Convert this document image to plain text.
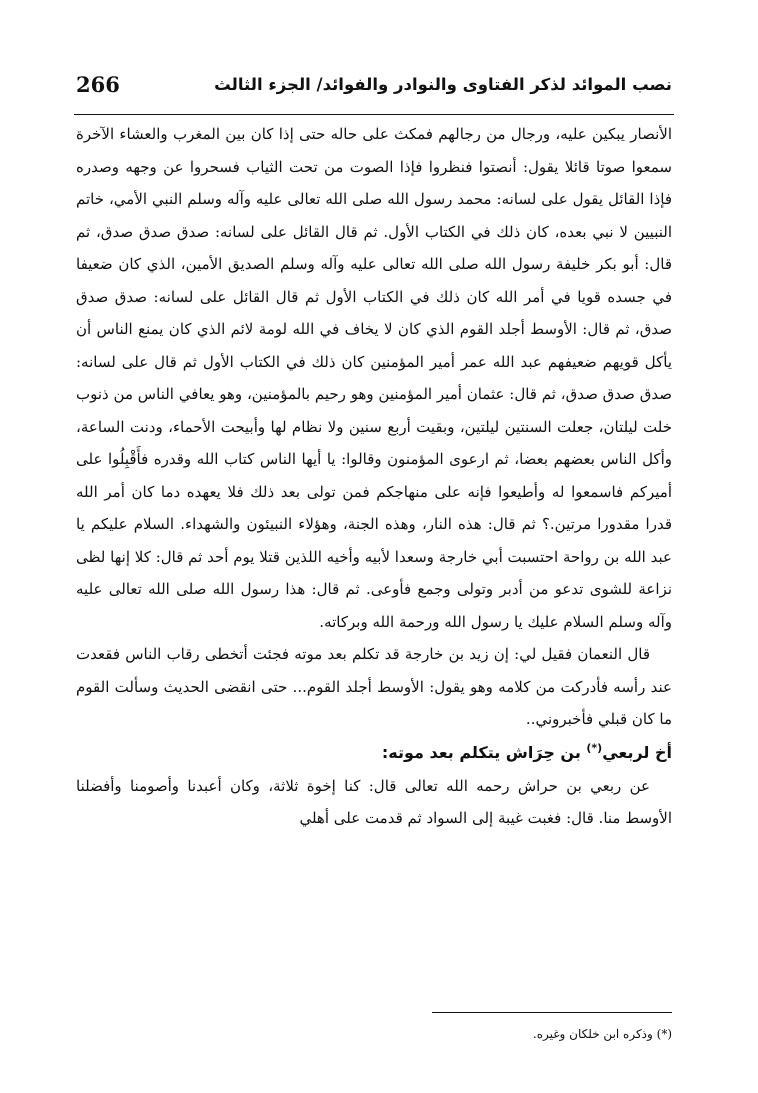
266	نصب الموائد لذكر الفتاوى والنوادر والفوائد/ الجزء الثالث

الأنصار يبكين عليه، ورجال من رجالهم فمكث على حاله حتى إذا كان بين المغرب والعشاء الآخرة سمعوا صوتا قائلا يقول: أنصتوا فنظروا فإذا الصوت من تحت الثياب فسحروا عن وجهه وصدره فإذا القائل يقول على لسانه: محمد رسول الله صلى الله تعالى عليه وآله وسلم النبي الأمي، خاتم النبيين لا نبي بعده، كان ذلك في الكتاب الأول. ثم قال القائل على لسانه: صدق صدق صدق، ثم قال: أبو بكر خليفة رسول الله صلى الله تعالى عليه وآله وسلم الصديق الأمين، الذي كان ضعيفا في جسده قويا في أمر الله كان ذلك في الكتاب الأول ثم قال القائل على لسانه: صدق صدق صدق، ثم قال: الأوسط أجلد القوم الذي كان لا يخاف في الله لومة لائم الذي كان يمنع الناس أن يأكل قويهم ضعيفهم عبد الله عمر أمير المؤمنين كان ذلك في الكتاب الأول ثم قال على لسانه: صدق صدق صدق، ثم قال: عثمان أمير المؤمنين وهو رحيم بالمؤمنين، وهو يعافي الناس من ذنوب خلت ليلتان، جعلت السنتين ليلتين، وبقيت أربع سنين ولا نظام لها وأبيحت الأحماء، ودنت الساعة، وأكل الناس بعضهم بعضا، ثم ارعوى المؤمنون وقالوا: يا أيها الناس كتاب الله وقدره فأَقْبِلُوا على أميركم فاسمعوا له وأطيعوا فإنه على منهاجكم فمن تولى بعد ذلك فلا يعهده دما كان أمر الله قدرا مقدورا مرتين.؟ ثم قال: هذه النار، وهذه الجنة، وهؤلاء النبيئون والشهداء. السلام عليكم يا عبد الله بن رواحة احتسبت أبي خارجة وسعدا لأبيه وأخيه اللذين قتلا يوم أحد ثم قال: كلا إنها لظى نزاعة للشوى تدعو من أدبر وتولى وجمع فأوعى. ثم قال: هذا رسول الله صلى الله تعالى عليه وآله وسلم السلام عليك يا رسول الله ورحمة الله وبركاته.

قال النعمان فقيل لي: إن زيد بن خارجة قد تكلم بعد موته فجئت أتخطى رقاب الناس فقعدت عند رأسه فأدركت من كلامه وهو يقول: الأوسط أجلد القوم... حتى انقضى الحديث وسألت القوم ما كان قبلي فأخبروني..

أخ لربعي(*) بن حِرَاش يتكلم بعد موته:

عن ربعي بن حراش رحمه الله تعالى قال: كنا إخوة ثلاثة، وكان أعبدنا وأصومنا وأفضلنا الأوسط منا. قال: فغبت غيبة إلى السواد ثم قدمت على أهلي

(*) وذكره ابن خلكان وغيره.
